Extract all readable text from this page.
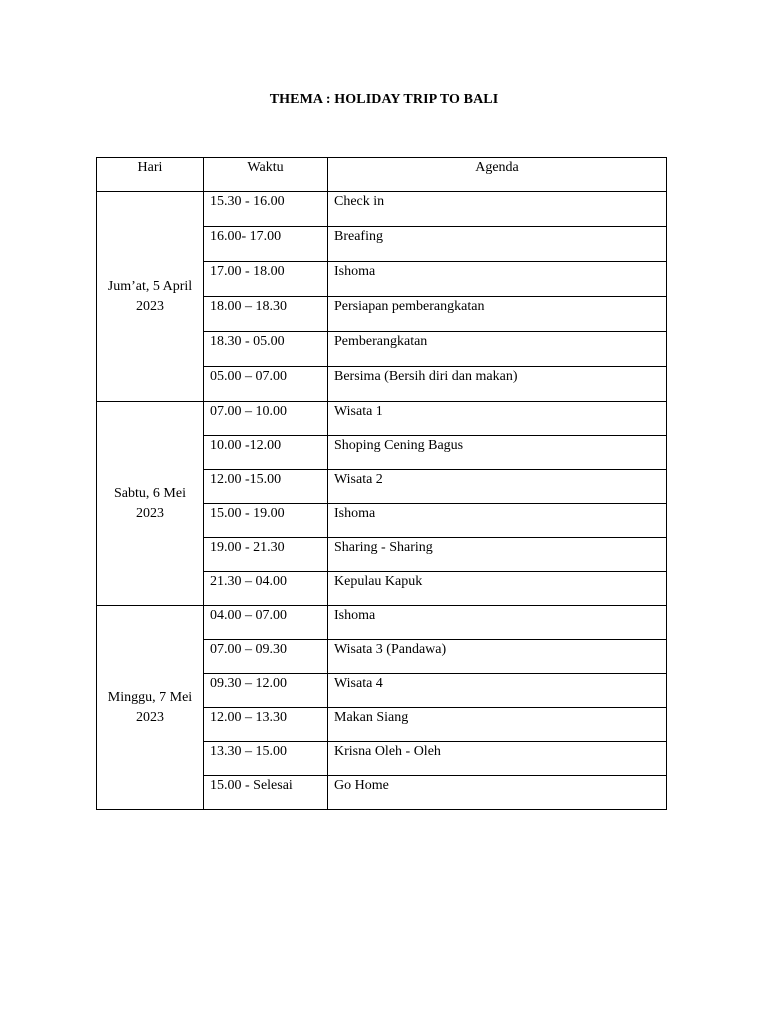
THEMA : HOLIDAY TRIP TO BALI
Hari	Waktu	Agenda
Jum’at, 5 April
2023	15.30 - 16.00	Check in
	16.00- 17.00	Breafing
	17.00 - 18.00	Ishoma
	18.00 – 18.30	Persiapan pemberangkatan
	18.30 - 05.00	Pemberangkatan
	05.00 – 07.00	Bersima (Bersih diri dan makan)
Sabtu, 6 Mei
2023	07.00 – 10.00	Wisata 1
	10.00 -12.00	Shoping Cening Bagus
	12.00 -15.00	Wisata 2
	15.00 - 19.00	Ishoma
	19.00 - 21.30	Sharing - Sharing
	21.30 – 04.00	Kepulau Kapuk
Minggu, 7 Mei
2023	04.00 – 07.00	Ishoma
	07.00 – 09.30	Wisata 3 (Pandawa)
	09.30 – 12.00	Wisata 4
	12.00 – 13.30	Makan Siang
	13.30 – 15.00	Krisna Oleh - Oleh
	15.00 - Selesai	Go Home
